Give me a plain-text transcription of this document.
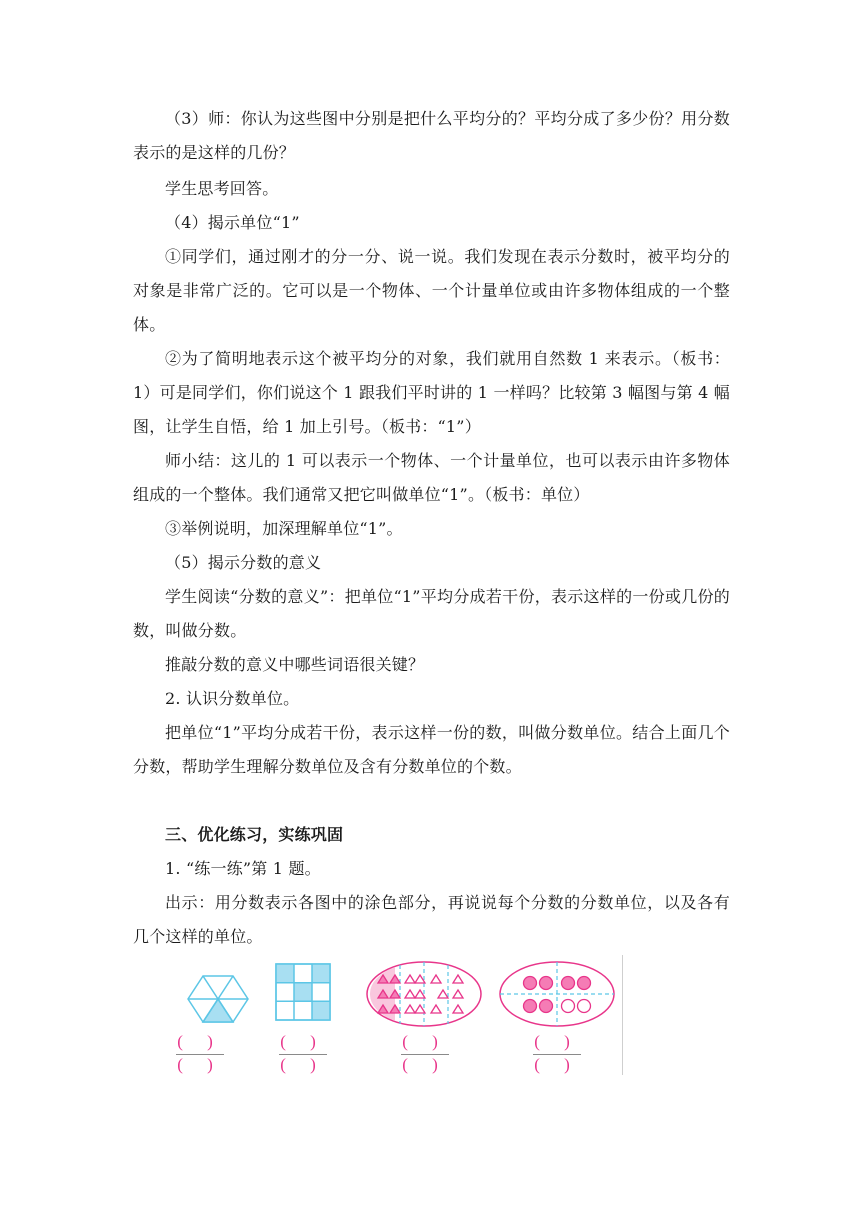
（3）师：你认为这些图中分别是把什么平均分的？平均分成了多少份？用分数表示的是这样的几份？

学生思考回答。

（4）揭示单位“1”

①同学们，通过刚才的分一分、说一说。我们发现在表示分数时，被平均分的对象是非常广泛的。它可以是一个物体、一个计量单位或由许多物体组成的一个整体。

②为了简明地表示这个被平均分的对象，我们就用自然数 1 来表示。（板书：1）可是同学们，你们说这个 1 跟我们平时讲的 1 一样吗？比较第 3 幅图与第 4 幅图，让学生自悟，给 1 加上引号。（板书：“1”）

师小结：这儿的 1 可以表示一个物体、一个计量单位，也可以表示由许多物体组成的一个整体。我们通常又把它叫做单位“1”。（板书：单位）

③举例说明，加深理解单位“1”。

（5）揭示分数的意义

学生阅读“分数的意义”：把单位“1”平均分成若干份，表示这样的一份或几份的数，叫做分数。

推敲分数的意义中哪些词语很关键？

2. 认识分数单位。

把单位“1”平均分成若干份，表示这样一份的数，叫做分数单位。结合上面几个分数，帮助学生理解分数单位及含有分数单位的个数。

三、优化练习，实练巩固

1. “练一练”第 1 题。

出示：用分数表示各图中的涂色部分，再说说每个分数的分数单位，以及各有几个这样的单位。

( )
( )
( )
( )
( )
( )
( )
( )
